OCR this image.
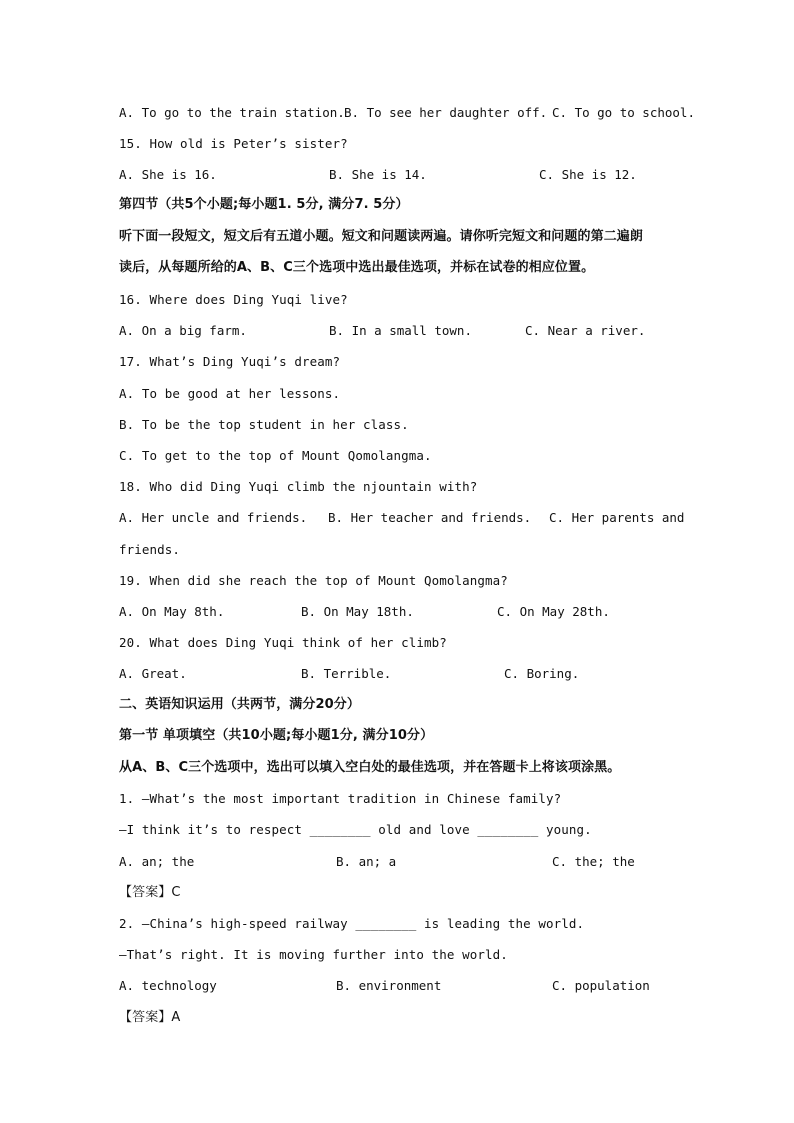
A. To go to the train station. B. To see her daughter off. C. To go to school.
15. How old is Peter’s sister?
A. She is 16.	B. She is 14.	C. She is 12.
第四节（共5个小题;每小题1. 5分, 满分7. 5分）
听下面一段短文，短文后有五道小题。短文和问题读两遍。请你听完短文和问题的第二遍朗
读后，从每题所给的A、B、C三个选项中选出最佳选项，并标在试卷的相应位置。
16. Where does Ding Yuqi live?
A. On a big farm.	B. In a small town.	C. Near a river.
17. What’s Ding Yuqi’s dream?
A. To be good at her lessons.
B. To be the top student in her class.
C. To get to the top of Mount Qomolangma.
18. Who did Ding Yuqi climb the njountain with?
A. Her uncle and friends. B. Her teacher and friends. C. Her parents and
friends.
19. When did she reach the top of Mount Qomolangma?
A. On May 8th.	B. On May 18th.	C. On May 28th.
20. What does Ding Yuqi think of her climb?
A. Great.	B. Terrible.	C. Boring.
二、英语知识运用（共两节，满分20分）
第一节 单项填空（共10小题;每小题1分, 满分10分）
从A、B、C三个选项中，选出可以填入空白处的最佳选项，并在答题卡上将该项涂黑。
1. —What’s the most important tradition in Chinese family?
—I think it’s to respect ________ old and love ________ young.
A. an; the	B. an; a	C. the; the
【答案】C
2. —China’s high-speed railway ________ is leading the world.
—That’s right. It is moving further into the world.
A. technology	B. environment	C. population
【答案】A
